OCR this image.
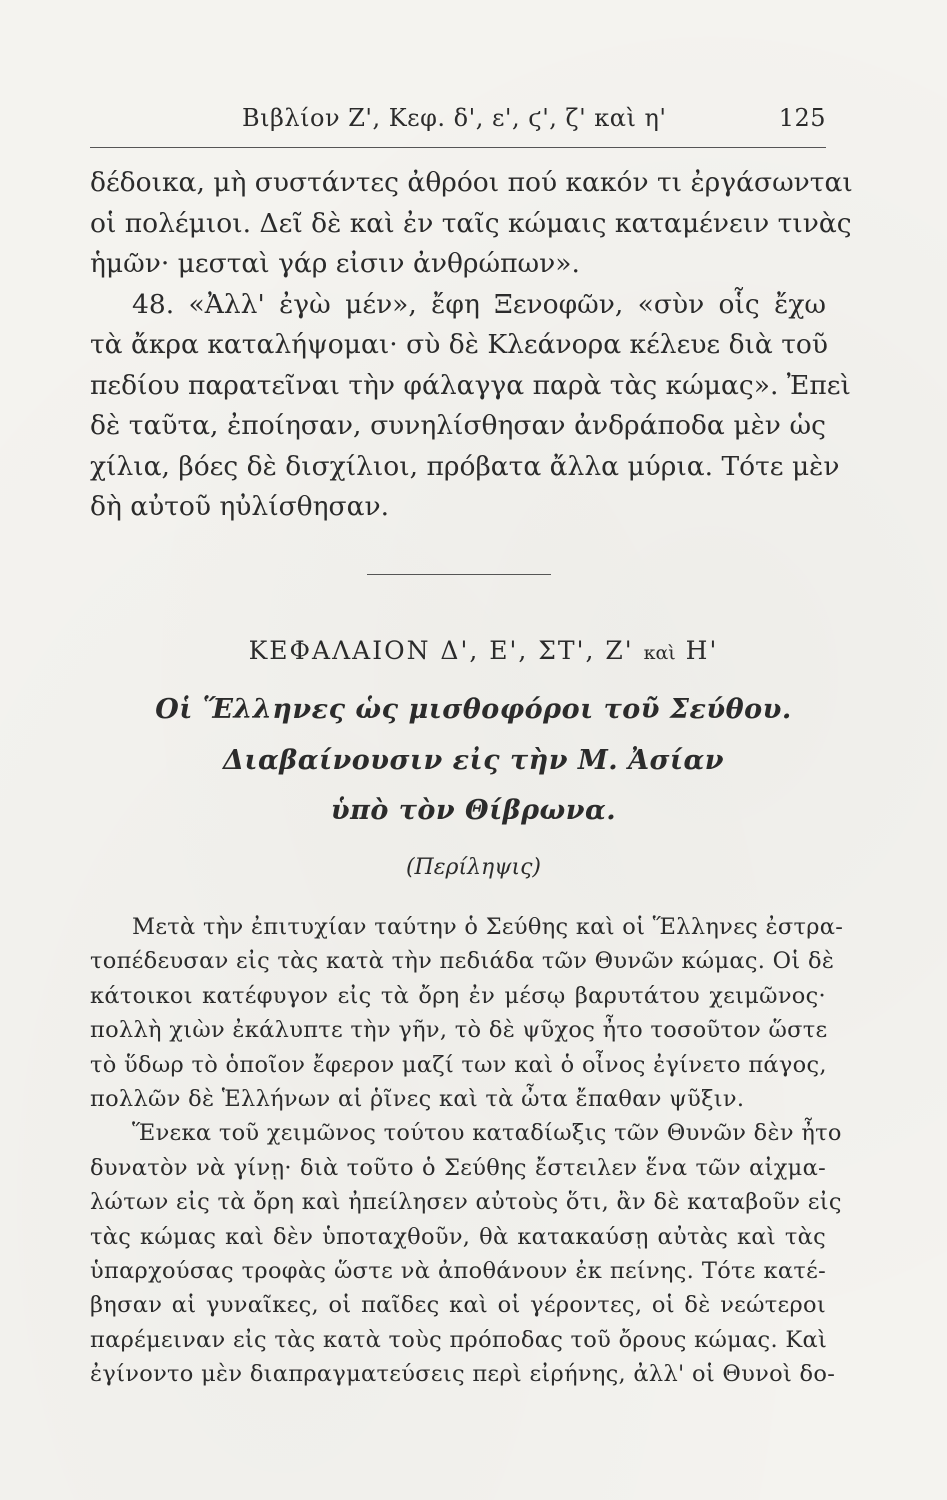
Βιβλίον Ζ', Κεφ. δ', ε', ϛ', ζ' καὶ η'	125
δέδοικα, μὴ συστάντες ἀθρόοι πού κακόν τι ἐργάσωνται
οἱ πολέμιοι. Δεῖ δὲ καὶ ἐν ταῖς κώμαις καταμένειν τινὰς
ἡμῶν· μεσταὶ γάρ εἰσιν ἀνθρώπων».
48. «Ἀλλ' ἐγὼ μέν», ἔφη Ξενοφῶν, «σὺν οἷς ἔχω
τὰ ἄκρα καταλήψομαι· σὺ δὲ Κλεάνορα κέλευε διὰ τοῦ
πεδίου παρατεῖναι τὴν φάλαγγα παρὰ τὰς κώμας». Ἐπεὶ
δὲ ταῦτα, ἐποίησαν, συνηλίσθησαν ἀνδράποδα μὲν ὡς
χίλια, βόες δὲ δισχίλιοι, πρόβατα ἄλλα μύρια. Τότε μὲν
δὴ αὐτοῦ ηὐλίσθησαν.
ΚΕΦΑΛΑΙΟΝ Δ', Ε', ΣΤ', Ζ' καὶ Η'
Οἱ Ἕλληνες ὡς μισθοφόροι τοῦ Σεύθου.
Διαβαίνουσιν εἰς τὴν Μ. Ἀσίαν
ὑπὸ τὸν Θίβρωνα.
(Περίληψις)
Μετὰ τὴν ἐπιτυχίαν ταύτην ὁ Σεύθης καὶ οἱ Ἕλληνες ἐστρα-
τοπέδευσαν εἰς τὰς κατὰ τὴν πεδιάδα τῶν Θυνῶν κώμας. Οἱ δὲ
κάτοικοι κατέφυγον εἰς τὰ ὄρη ἐν μέσῳ βαρυτάτου χειμῶνος·
πολλὴ χιὼν ἐκάλυπτε τὴν γῆν, τὸ δὲ ψῦχος ἦτο τοσοῦτον ὥστε
τὸ ὕδωρ τὸ ὁποῖον ἔφερον μαζί των καὶ ὁ οἶνος ἐγίνετο πάγος,
πολλῶν δὲ Ἑλλήνων αἱ ῥῖνες καὶ τὰ ὦτα ἔπαθαν ψῦξιν.
Ἕνεκα τοῦ χειμῶνος τούτου καταδίωξις τῶν Θυνῶν δὲν ἦτο
δυνατὸν νὰ γίνῃ· διὰ τοῦτο ὁ Σεύθης ἔστειλεν ἕνα τῶν αἰχμα-
λώτων εἰς τὰ ὄρη καὶ ἠπείλησεν αὐτοὺς ὅτι, ἂν δὲ καταβοῦν εἰς
τὰς κώμας καὶ δὲν ὑποταχθοῦν, θὰ κατακαύσῃ αὐτὰς καὶ τὰς
ὑπαρχούσας τροφὰς ὥστε νὰ ἀποθάνουν ἐκ πείνης. Τότε κατέ-
βησαν αἱ γυναῖκες, οἱ παῖδες καὶ οἱ γέροντες, οἱ δὲ νεώτεροι
παρέμειναν εἰς τὰς κατὰ τοὺς πρόποδας τοῦ ὄρους κώμας. Καὶ
ἐγίνοντο μὲν διαπραγματεύσεις περὶ εἰρήνης, ἀλλ' οἱ Θυνοὶ δο-
